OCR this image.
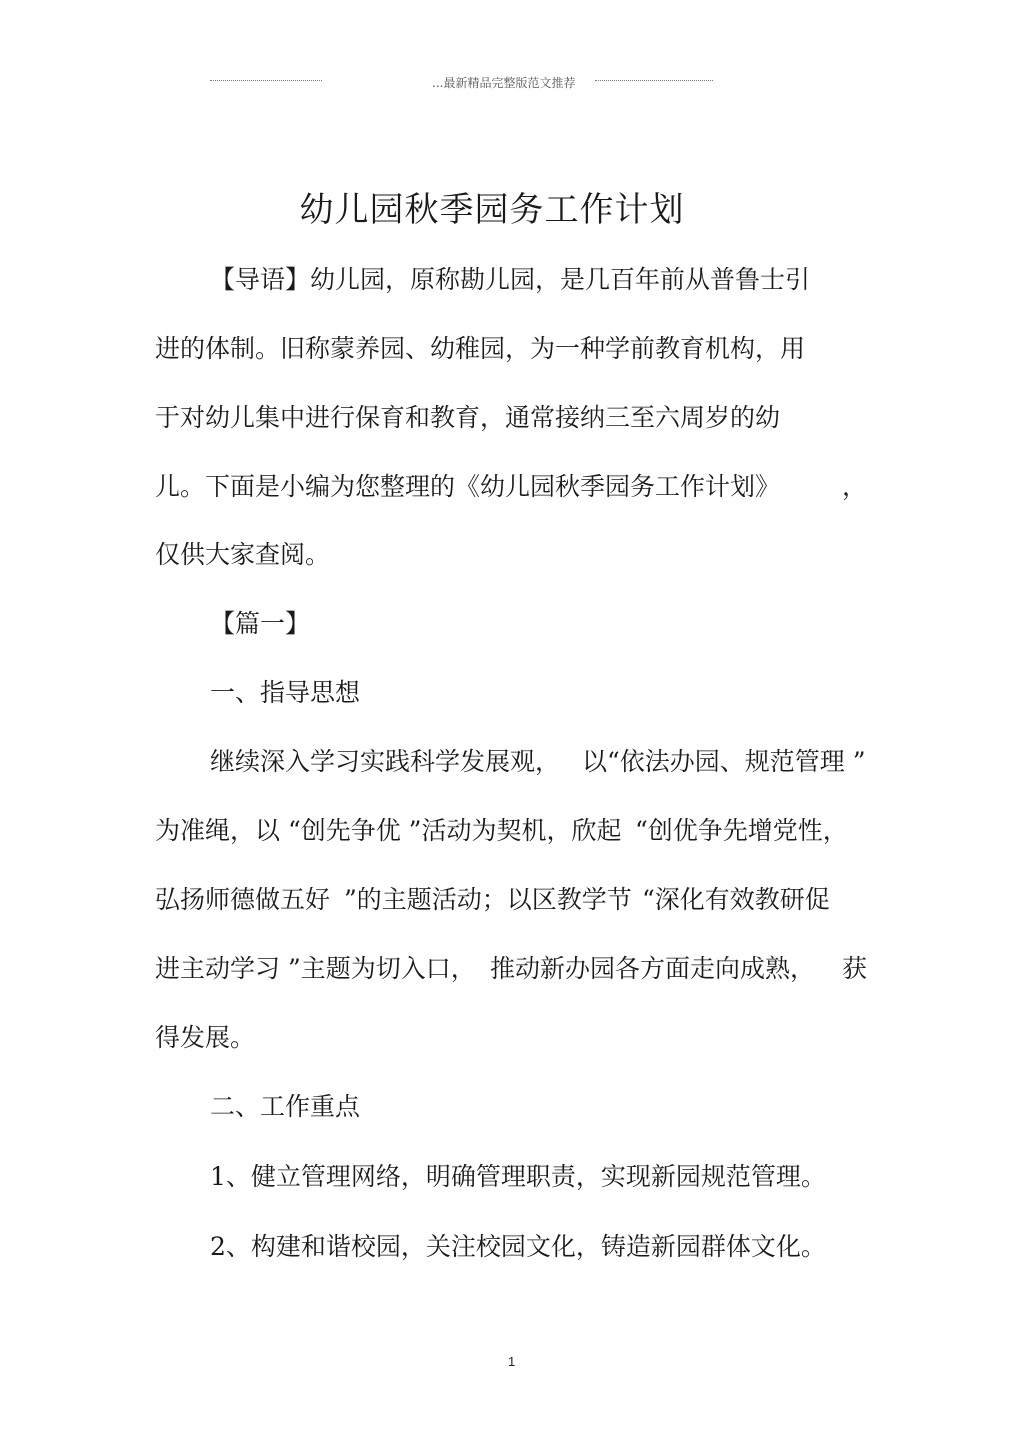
...最新精品完整版范文推荐
幼儿园秋季园务工作计划
【导语】幼儿园，原称勘儿园，是几百年前从普鲁士引
进的体制。旧称蒙养园、幼稚园，为一种学前教育机构，用
于对幼儿集中进行保育和教育，通常接纳三至六周岁的幼
儿。下面是小编为您整理的《幼儿园秋季园务工作计划》 ，
仅供大家查阅。
【篇一】
一、指导思想
继续深入学习实践科学发展观， 以“依法办园、规范管理 ”
为准绳，以 “创先争优 ”活动为契机，欣起 “创优争先增党性，
弘扬师德做五好 ”的主题活动；以区教学节 “深化有效教研促
进主动学习 ”主题为切入口， 推动新办园各方面走向成熟， 获
得发展。
二、工作重点
1、健立管理网络，明确管理职责，实现新园规范管理。
2、构建和谐校园，关注校园文化，铸造新园群体文化。
1
